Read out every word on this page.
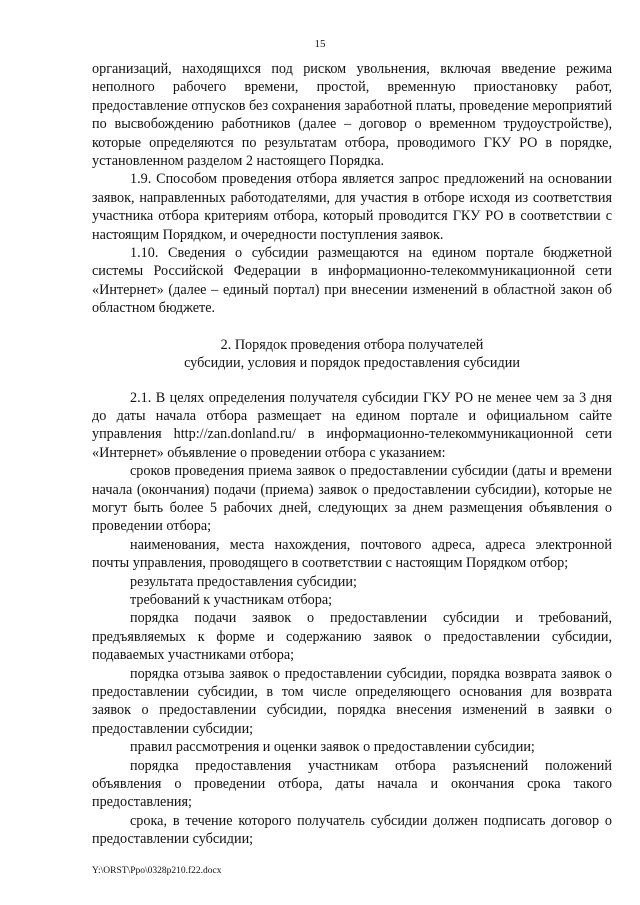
15

организаций, находящихся под риском увольнения, включая введение режима неполного рабочего времени, простой, временную приостановку работ, предоставление отпусков без сохранения заработной платы, проведение мероприятий по высвобождению работников (далее – договор о временном трудоустройстве), которые определяются по результатам отбора, проводимого ГКУ РО в порядке, установленном разделом 2 настоящего Порядка.

1.9. Способом проведения отбора является запрос предложений на основании заявок, направленных работодателями, для участия в отборе исходя из соответствия участника отбора критериям отбора, который проводится ГКУ РО в соответствии с настоящим Порядком, и очередности поступления заявок.

1.10. Сведения о субсидии размещаются на едином портале бюджетной системы Российской Федерации в информационно-телекоммуникационной сети «Интернет» (далее – единый портал) при внесении изменений в областной закон об областном бюджете.

2. Порядок проведения отбора получателей
субсидии, условия и порядок предоставления субсидии

2.1. В целях определения получателя субсидии ГКУ РО не менее чем за 3 дня до даты начала отбора размещает на едином портале и официальном сайте управления http://zan.donland.ru/ в информационно-телекоммуникационной сети «Интернет» объявление о проведении отбора с указанием:

сроков проведения приема заявок о предоставлении субсидии (даты и времени начала (окончания) подачи (приема) заявок о предоставлении субсидии), которые не могут быть более 5 рабочих дней, следующих за днем размещения объявления о проведении отбора;

наименования, места нахождения, почтового адреса, адреса электронной почты управления, проводящего в соответствии с настоящим Порядком отбор;

результата предоставления субсидии;

требований к участникам отбора;

порядка подачи заявок о предоставлении субсидии и требований, предъявляемых к форме и содержанию заявок о предоставлении субсидии, подаваемых участниками отбора;

порядка отзыва заявок о предоставлении субсидии, порядка возврата заявок о предоставлении субсидии, в том числе определяющего основания для возврата заявок о предоставлении субсидии, порядка внесения изменений в заявки о предоставлении субсидии;

правил рассмотрения и оценки заявок о предоставлении субсидии;

порядка предоставления участникам отбора разъяснений положений объявления о проведении отбора, даты начала и окончания срока такого предоставления;

срока, в течение которого получатель субсидии должен подписать договор о предоставлении субсидии;

Y:\ORST\Ppo\0328p210.f22.docx
